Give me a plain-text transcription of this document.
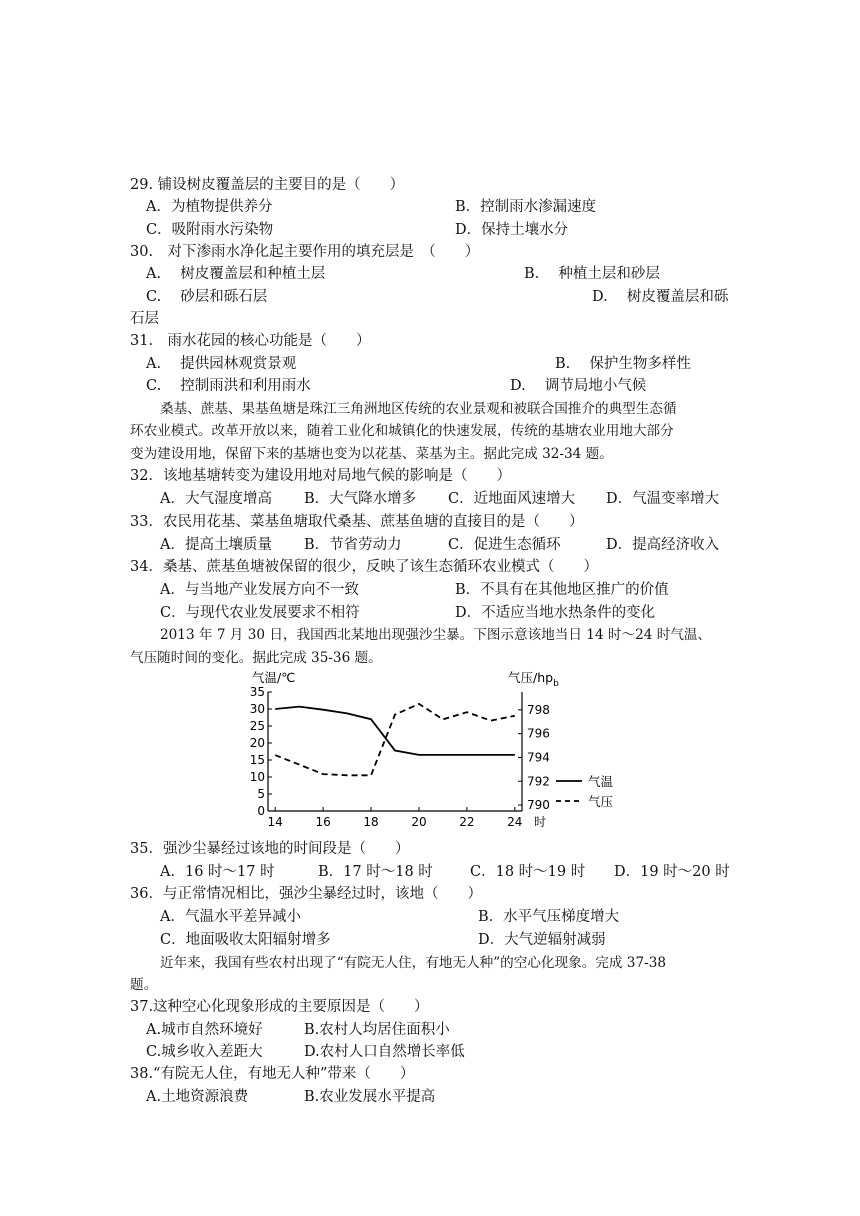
29. 铺设树皮覆盖层的主要目的是（　　）
A．为植物提供养分	B．控制雨水渗漏速度
C．吸附雨水污染物	D．保持土壤水分
30.　对下渗雨水净化起主要作用的填充层是　（　　）
A.　 树皮覆盖层和种植土层	B.　 种植土层和砂层
C.　 砂层和砾石层	D.　 树皮覆盖层和砾
石层
31.　雨水花园的核心功能是（　　）
A.　 提供园林观赏景观	B.　 保护生物多样性
C.　 控制雨洪和利用雨水	D.　 调节局地小气候
桑基、蔗基、果基鱼塘是珠江三角洲地区传统的农业景观和被联合国推介的典型生态循
环农业模式。改革开放以来，随着工业化和城镇化的快速发展，传统的基塘农业用地大部分
变为建设用地，保留下来的基塘也变为以花基、菜基为主。据此完成 32-34 题。
32．该地基塘转变为建设用地对局地气候的影响是（　　）
A．大气湿度增高 B．大气降水增多 C．近地面风速增大 D．气温变率增大
33．农民用花基、菜基鱼塘取代桑基、蔗基鱼塘的直接目的是（　　）
A．提高土壤质量 B．节省劳动力	C．促进生态循环	D．提高经济收入
34．桑基、蔗基鱼塘被保留的很少，反映了该生态循环农业模式（　　）
A．与当地产业发展方向不一致	B．不具有在其他地区推广的价值
C．与现代农业发展要求不相符	D．不适应当地水热条件的变化
2013 年 7 月 30 日，我国西北某地出现强沙尘暴。下图示意该地当日 14 时～24 时气温、
气压随时间的变化。据此完成 35-36 题。
气温/℃	气压$/hp_b$
0
5
10
15
20
25
30
35
790
792
794
796
798
14	16	18	20	22	24 时
气温
气压
35．强沙尘暴经过该地的时间段是（　　）
A．16 时～17 时	B．17 时～18 时	C．18 时～19 时 D．19 时～20 时
36．与正常情况相比，强沙尘暴经过时，该地（　　）
A．气温水平差异减小	B．水平气压梯度增大
C．地面吸收太阳辐射增多	D．大气逆辐射减弱
近年来，我国有些农村出现了“有院无人住，有地无人种”的空心化现象。完成 37-38
题。
37.这种空心化现象形成的主要原因是（　　）
A.城市自然环境好	B.农村人均居住面积小
C.城乡收入差距大	D.农村人口自然增长率低
38.“有院无人住，有地无人种”带来（　　）
A.土地资源浪费	B.农业发展水平提高
